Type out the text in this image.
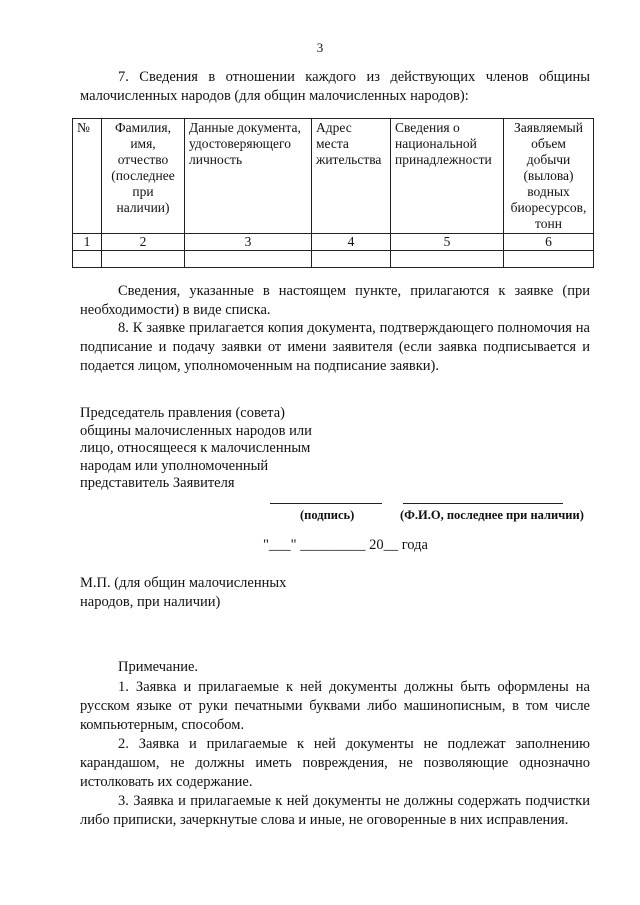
3
7. Сведения в отношении каждого из действующих членов общины малочисленных народов (для общин малочисленных народов):
№	Фамилия, имя, отчество (последнее при наличии)	Данные документа, удостоверяющего личность	Адрес места жительства	Сведения о национальной принадлежности	Заявляемый объем добычи (вылова) водных биоресурсов, тонн
1	2	3	4	5	6

Сведения, указанные в настоящем пункте, прилагаются к заявке (при необходимости) в виде списка.
8. К заявке прилагается копия документа, подтверждающего полномочия на подписание и подачу заявки от имени заявителя (если заявка подписывается и подается лицом, уполномоченным на подписание заявки).
Председатель правления (совета) общины малочисленных народов или лицо, относящееся к малочисленным народам или уполномоченный представитель Заявителя
(подпись)	(Ф.И.О, последнее при наличии)
"___" _________ 20__ года
М.П. (для общин малочисленных народов, при наличии)
Примечание.
1. Заявка и прилагаемые к ней документы должны быть оформлены на русском языке от руки печатными буквами либо машинописным, в том числе компьютерным, способом.
2. Заявка и прилагаемые к ней документы не подлежат заполнению карандашом, не должны иметь повреждения, не позволяющие однозначно истолковать их содержание.
3. Заявка и прилагаемые к ней документы не должны содержать подчистки либо приписки, зачеркнутые слова и иные, не оговоренные в них исправления.
